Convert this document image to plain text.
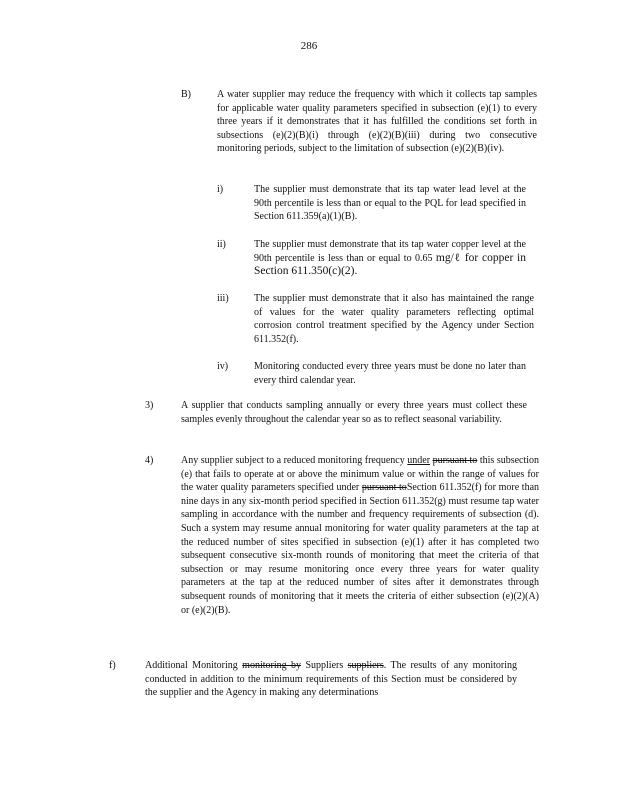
286
B)	A water supplier may reduce the frequency with which it collects tap samples for applicable water quality parameters specified in subsection (e)(1) to every three years if it demonstrates that it has fulfilled the conditions set forth in subsections (e)(2)(B)(i) through (e)(2)(B)(iii) during two consecutive monitoring periods, subject to the limitation of subsection (e)(2)(B)(iv).
i)	The supplier must demonstrate that its tap water lead level at the 90th percentile is less than or equal to the PQL for lead specified in Section 611.359(a)(1)(B).
ii)	The supplier must demonstrate that its tap water copper level at the 90th percentile is less than or equal to 0.65 mg/ℓ for copper in Section 611.350(c)(2).
iii)	The supplier must demonstrate that it also has maintained the range of values for the water quality parameters reflecting optimal corrosion control treatment specified by the Agency under Section 611.352(f).
iv)	Monitoring conducted every three years must be done no later than every third calendar year.
3)	A supplier that conducts sampling annually or every three years must collect these samples evenly throughout the calendar year so as to reflect seasonal variability.
4)	Any supplier subject to a reduced monitoring frequency under pursuant to this subsection (e) that fails to operate at or above the minimum value or within the range of values for the water quality parameters specified under pursuant toSection 611.352(f) for more than nine days in any six-month period specified in Section 611.352(g) must resume tap water sampling in accordance with the number and frequency requirements of subsection (d). Such a system may resume annual monitoring for water quality parameters at the tap at the reduced number of sites specified in subsection (e)(1) after it has completed two subsequent consecutive six-month rounds of monitoring that meet the criteria of that subsection or may resume monitoring once every three years for water quality parameters at the tap at the reduced number of sites after it demonstrates through subsequent rounds of monitoring that it meets the criteria of either subsection (e)(2)(A) or (e)(2)(B).
f)	Additional Monitoring monitoring by Suppliers suppliers. The results of any monitoring conducted in addition to the minimum requirements of this Section must be considered by the supplier and the Agency in making any determinations
